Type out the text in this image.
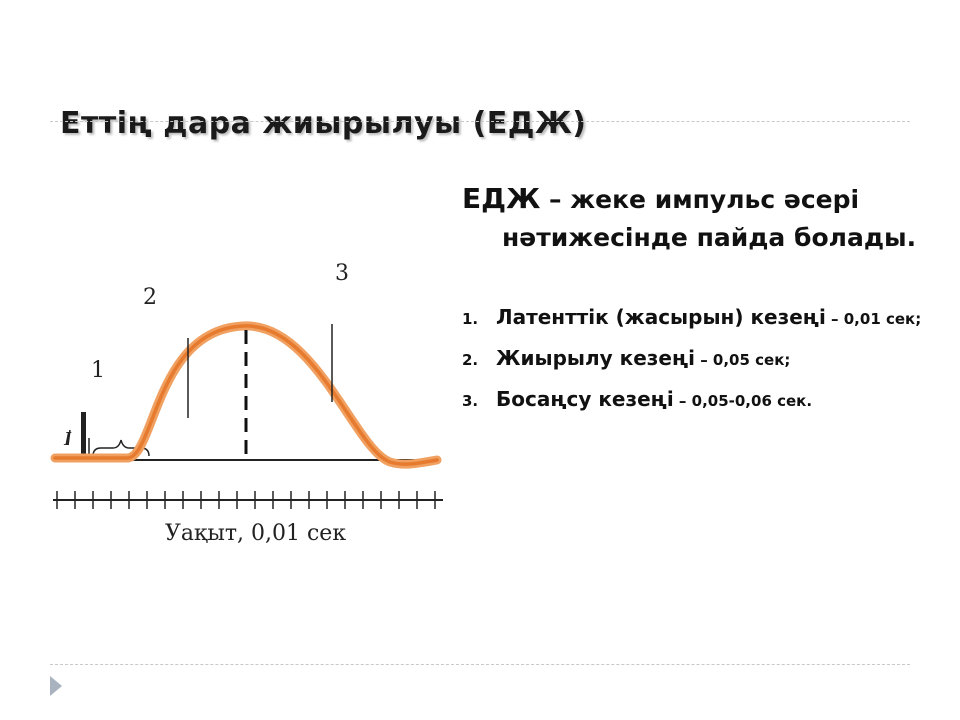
Еттің дара жиырылуы (ЕДЖ)
1
2
3
I
Уақыт, 0,01 сек

ЕДЖ – жеке импульс әсері нәтижесінде пайда болады.

1. Латенттік (жасырын) кезеңі – 0,01 сек;
2. Жиырылу кезеңі – 0,05 сек;
3. Босаңсу кезеңі – 0,05-0,06 сек.
